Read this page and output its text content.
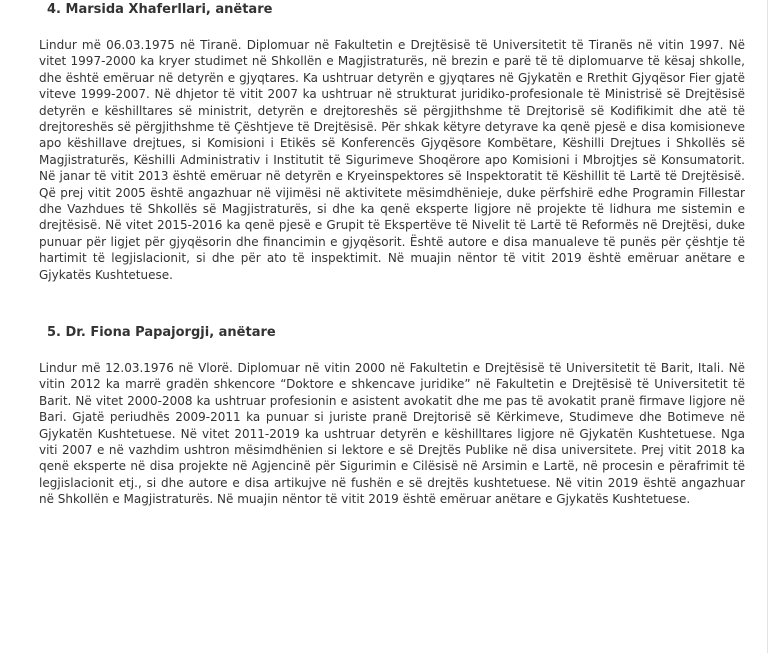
4. Marsida Xhaferllari, anëtare

Lindur më 06.03.1975 në Tiranë. Diplomuar në Fakultetin e Drejtësisë të Universitetit të Tiranës në vitin 1997. Në vitet 1997-2000 ka kryer studimet në Shkollën e Magjistraturës, në brezin e parë të të diplomuarve të kësaj shkolle, dhe është emëruar në detyrën e gjyqtares. Ka ushtruar detyrën e gjyqtares në Gjykatën e Rrethit Gjyqësor Fier gjatë viteve 1999-2007. Në dhjetor të vitit 2007 ka ushtruar në strukturat juridiko-profesionale të Ministrisë së Drejtësisë detyrën e këshilltares së ministrit, detyrën e drejtoreshës së përgjithshme të Drejtorisë së Kodifikimit dhe atë të drejtoreshës së përgjithshme të Çështjeve të Drejtësisë. Për shkak këtyre detyrave ka qenë pjesë e disa komisioneve apo këshillave drejtues, si Komisioni i Etikës së Konferencës Gjyqësore Kombëtare, Këshilli Drejtues i Shkollës së Magjistraturës, Këshilli Administrativ i Institutit të Sigurimeve Shoqërore apo Komisioni i Mbrojtjes së Konsumatorit. Në janar të vitit 2013 është emëruar në detyrën e Kryeinspektores së Inspektoratit të Këshillit të Lartë të Drejtësisë. Që prej vitit 2005 është angazhuar në vijimësi në aktivitete mësimdhënieje, duke përfshirë edhe Programin Fillestar dhe Vazhdues të Shkollës së Magjistraturës, si dhe ka qenë eksperte ligjore në projekte të lidhura me sistemin e drejtësisë. Në vitet 2015-2016 ka qenë pjesë e Grupit të Ekspertëve të Nivelit të Lartë të Reformës në Drejtësi, duke punuar për ligjet për gjyqësorin dhe financimin e gjyqësorit. Është autore e disa manualeve të punës për çështje të hartimit të legjislacionit, si dhe për ato të inspektimit. Në muajin nëntor të vitit 2019 është emëruar anëtare e Gjykatës Kushtetuese.

5. Dr. Fiona Papajorgji, anëtare

Lindur më 12.03.1976 në Vlorë. Diplomuar në vitin 2000 në Fakultetin e Drejtësisë të Universitetit të Barit, Itali. Në vitin 2012 ka marrë gradën shkencore “Doktore e shkencave juridike” në Fakultetin e Drejtësisë të Universitetit të Barit. Në vitet 2000-2008 ka ushtruar profesionin e asistent avokatit dhe me pas të avokatit pranë firmave ligjore në Bari. Gjatë periudhës 2009-2011 ka punuar si juriste pranë Drejtorisë së Kërkimeve, Studimeve dhe Botimeve në Gjykatën Kushtetuese. Në vitet 2011-2019 ka ushtruar detyrën e këshilltares ligjore në Gjykatën Kushtetuese. Nga viti 2007 e në vazhdim ushtron mësimdhënien si lektore e së Drejtës Publike në disa universitete. Prej vitit 2018 ka qenë eksperte në disa projekte në Agjencinë për Sigurimin e Cilësisë në Arsimin e Lartë, në procesin e përafrimit të legjislacionit etj., si dhe autore e disa artikujve në fushën e së drejtës kushtetuese. Në vitin 2019 është angazhuar në Shkollën e Magjistraturës. Në muajin nëntor të vitit 2019 është emëruar anëtare e Gjykatës Kushtetuese.
